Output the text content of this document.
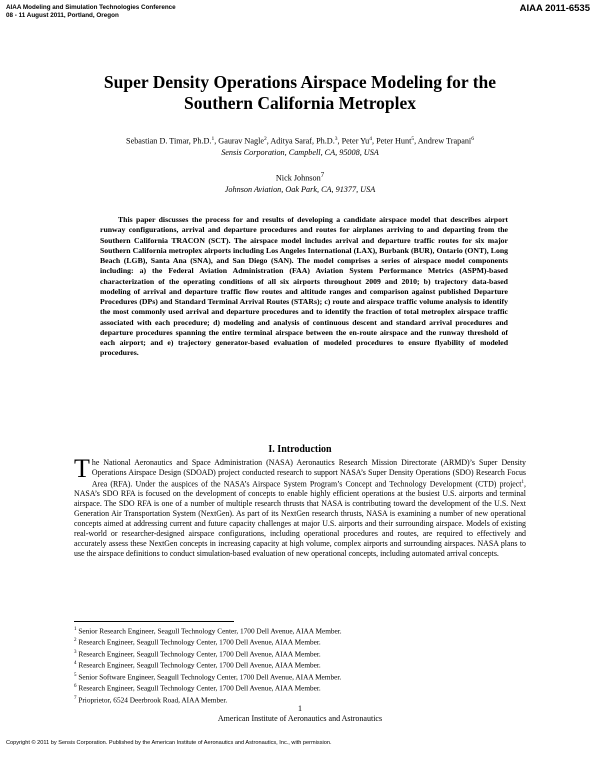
AIAA Modeling and Simulation Technologies Conference
08 - 11 August 2011, Portland, Oregon
AIAA 2011-6535
Super Density Operations Airspace Modeling for the
Southern California Metroplex
Sebastian D. Timar, Ph.D.$^1$, Gaurav Nagle$^2$, Aditya Saraf, Ph.D.$^3$, Peter Yu$^4$, Peter Hunt$^5$, Andrew Trapani$^6$
Sensis Corporation, Campbell, CA, 95008, USA
Nick Johnson$^7$
Johnson Aviation, Oak Park, CA, 91377, USA

This paper discusses the process for and results of developing a candidate airspace model that describes airport runway configurations, arrival and departure procedures and routes for airplanes arriving to and departing from the Southern California TRACON (SCT). The airspace model includes arrival and departure traffic routes for six major Southern California metroplex airports including Los Angeles International (LAX), Burbank (BUR), Ontario (ONT), Long Beach (LGB), Santa Ana (SNA), and San Diego (SAN). The model comprises a series of airspace model components including: a) the Federal Aviation Administration (FAA) Aviation System Performance Metrics (ASPM)-based characterization of the operating conditions of all six airports throughout 2009 and 2010; b) trajectory data-based modeling of arrival and departure traffic flow routes and altitude ranges and comparison against published Departure Procedures (DPs) and Standard Terminal Arrival Routes (STARs); c) route and airspace traffic volume analysis to identify the most commonly used arrival and departure procedures and to identify the fraction of total metroplex airspace traffic associated with each procedure; d) modeling and analysis of continuous descent and standard arrival procedures and departure procedures spanning the entire terminal airspace between the en-route airspace and the runway threshold of each airport; and e) trajectory generator-based evaluation of modeled procedures to ensure flyability of modeled procedures.

I. Introduction

The National Aeronautics and Space Administration (NASA) Aeronautics Research Mission Directorate (ARMD)’s Super Density Operations Airspace Design (SDOAD) project conducted research to support NASA’s Super Density Operations (SDO) Research Focus Area (RFA). Under the auspices of the NASA’s Airspace System Program’s Concept and Technology Development (CTD) project$^1$, NASA’s SDO RFA is focused on the development of concepts to enable highly efficient operations at the busiest U.S. airports and terminal airspace. The SDO RFA is one of a number of multiple research thrusts that NASA is contributing toward the development of the U.S. Next Generation Air Transportation System (NextGen). As part of its NextGen research thrusts, NASA is examining a number of new operational concepts aimed at addressing current and future capacity challenges at major U.S. airports and their surrounding airspace. Models of existing real-world or researcher-designed airspace configurations, including operational procedures and routes, are required to effectively and accurately assess these NextGen concepts in increasing capacity at high volume, complex airports and surrounding airspaces. NASA plans to use the airspace definitions to conduct simulation-based evaluation of new operational concepts, including automated arrival concepts.

$^1$ Senior Research Engineer, Seagull Technology Center, 1700 Dell Avenue, AIAA Member.
$^2$ Research Engineer, Seagull Technology Center, 1700 Dell Avenue, AIAA Member.
$^3$ Research Engineer, Seagull Technology Center, 1700 Dell Avenue, AIAA Member.
$^4$ Research Engineer, Seagull Technology Center, 1700 Dell Avenue, AIAA Member.
$^5$ Senior Software Engineer, Seagull Technology Center, 1700 Dell Avenue, AIAA Member.
$^6$ Research Engineer, Seagull Technology Center, 1700 Dell Avenue, AIAA Member.
$^7$ Prioprietor, 6524 Deerbrook Road, AIAA Member.
1
American Institute of Aeronautics and Astronautics
Copyright © 2011 by Sensis Corporation. Published by the American Institute of Aeronautics and Astronautics, Inc., with permission.
